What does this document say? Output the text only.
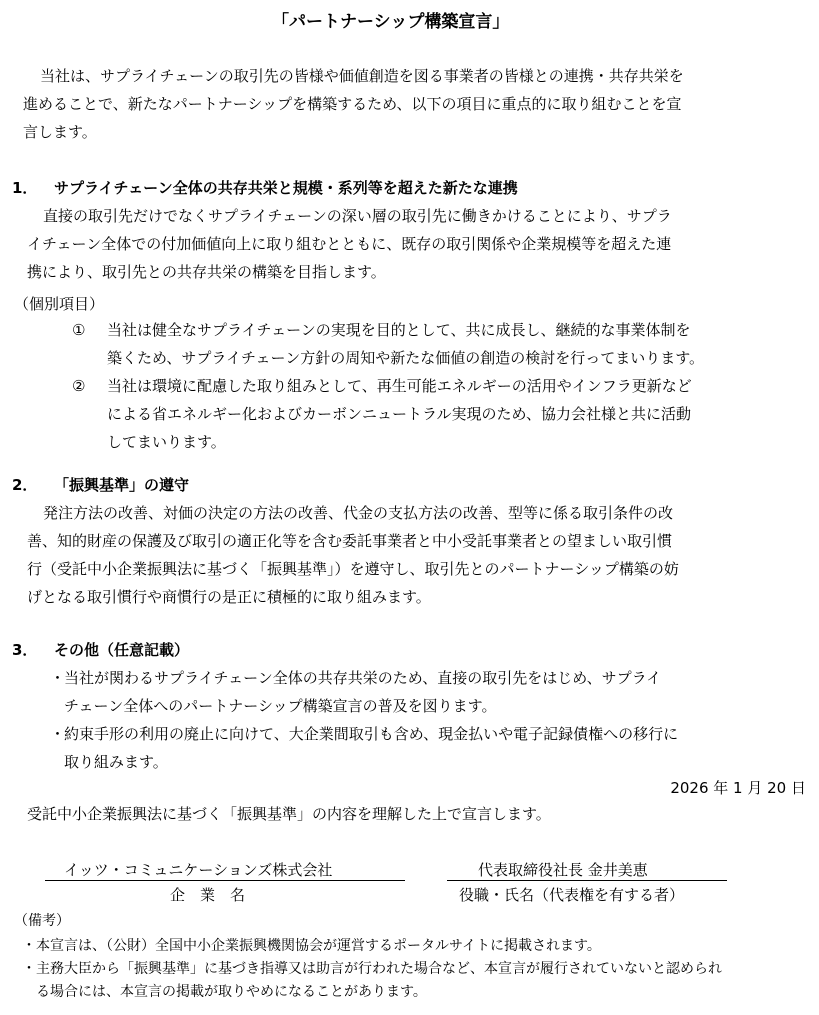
「パートナーシップ構築宣言」
当社は、サプライチェーンの取引先の皆様や価値創造を図る事業者の皆様との連携・共存共栄を
進めることで、新たなパートナーシップを構築するため、以下の項目に重点的に取り組むことを宣
言します。
1． サプライチェーン全体の共存共栄と規模・系列等を超えた新たな連携
直接の取引先だけでなくサプライチェーンの深い層の取引先に働きかけることにより、サプラ
イチェーン全体での付加価値向上に取り組むとともに、既存の取引関係や企業規模等を超えた連
携により、取引先との共存共栄の構築を目指します。
（個別項目）
① 当社は健全なサプライチェーンの実現を目的として、共に成長し、継続的な事業体制を
築くため、サプライチェーン方針の周知や新たな価値の創造の検討を行ってまいります。
② 当社は環境に配慮した取り組みとして、再生可能エネルギーの活用やインフラ更新など
による省エネルギー化およびカーボンニュートラル実現のため、協力会社様と共に活動
してまいります。
2． 「振興基準」の遵守
発注方法の改善、対価の決定の方法の改善、代金の支払方法の改善、型等に係る取引条件の改
善、知的財産の保護及び取引の適正化等を含む委託事業者と中小受託事業者との望ましい取引慣
行（受託中小企業振興法に基づく「振興基準」）を遵守し、取引先とのパートナーシップ構築の妨
げとなる取引慣行や商慣行の是正に積極的に取り組みます。
3． その他（任意記載）
・
当社が関わるサプライチェーン全体の共存共栄のため、直接の取引先をはじめ、サプライ
チェーン全体へのパートナーシップ構築宣言の普及を図ります。
・
約束手形の利用の廃止に向けて、大企業間取引も含め、現金払いや電子記録債権への移行に
取り組みます。
2026 年 1 月 20 日
受託中小企業振興法に基づく「振興基準」の内容を理解した上で宣言します。
イッツ・コミュニケーションズ株式会社
企　業　名
代表取締役社長 金井美恵
役職・氏名（代表権を有する者）
（備考）
・本宣言は、（公財）全国中小企業振興機関協会が運営するポータルサイトに掲載されます。
・主務大臣から「振興基準」に基づき指導又は助言が行われた場合など、本宣言が履行されていないと認められ
る場合には、本宣言の掲載が取りやめになることがあります。
